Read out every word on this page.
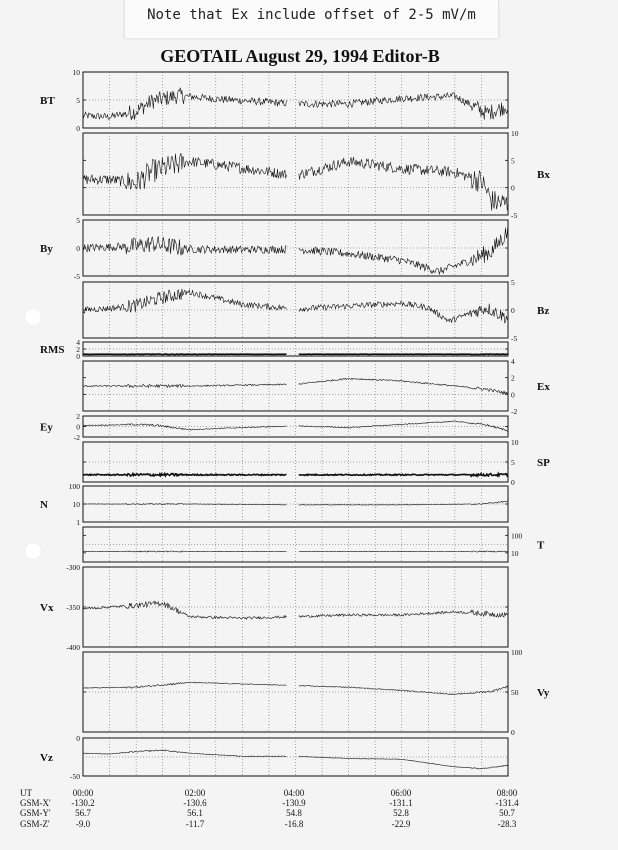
Note that Ex include offset of 2-5 mV/m
GEOTAIL August 29, 1994 Editor-B
10
5
0
BT
10
5
0
-5
Bx
5
0
-5
By
5
0
-5
Bz
4
2
0
RMS
4
2
0
-2
Ex
2
0
-2
Ey
10
5
0
SP
100
10
1
N
100
10
T
-300
-350
-400
Vx
100
50
0
Vy
0
-50
Vz
UT	00:00	02:00	04:00	06:00	08:00
GSM-X' -130.2	-130.6	-130.9	-131.1	-131.4
GSM-Y'	56.7	56.1	54.8	52.8	50.7
GSM-Z'	-9.0	-11.7	-16.8	-22.9	-28.3
